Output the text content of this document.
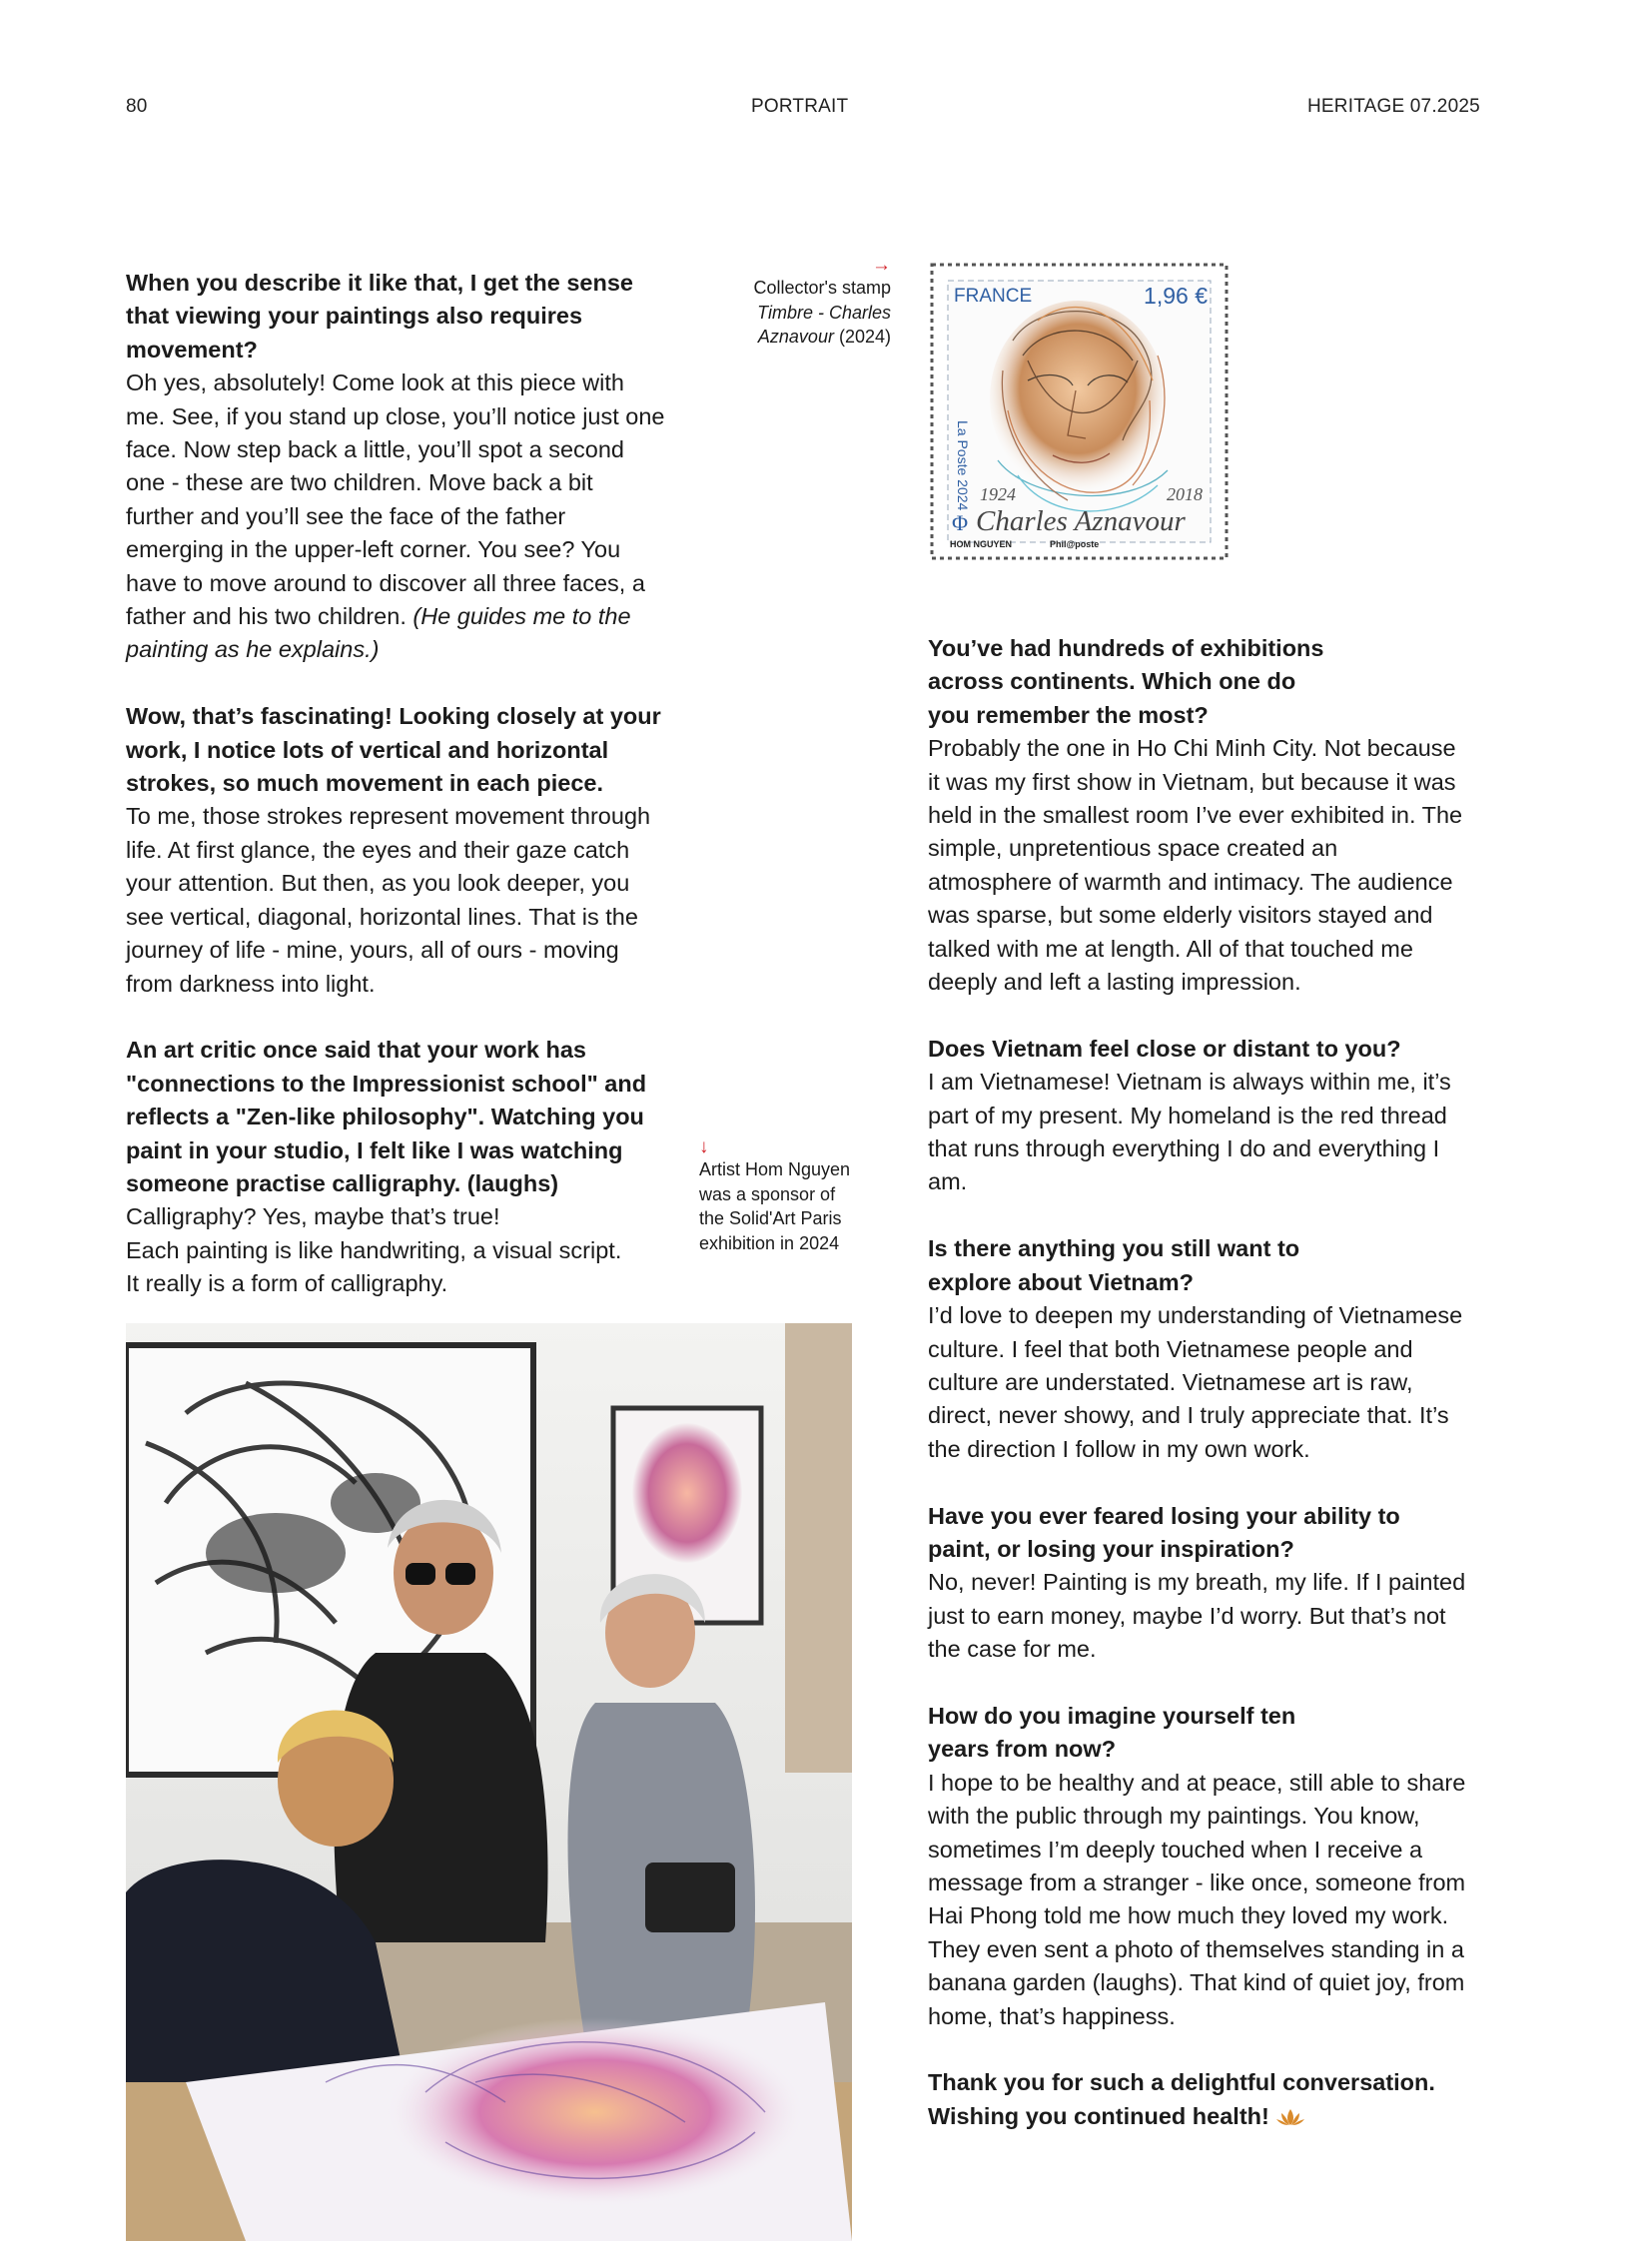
80	PORTRAIT	HERITAGE 07.2025

When you describe it like that, I get the sense that viewing your paintings also requires movement?
Oh yes, absolutely! Come look at this piece with me. See, if you stand up close, you’ll notice just one face. Now step back a little, you’ll spot a second one - these are two children. Move back a bit further and you’ll see the face of the father emerging in the upper-left corner. You see? You have to move around to discover all three faces, a father and his two children. (He guides me to the painting as he explains.)

Wow, that’s fascinating! Looking closely at your work, I notice lots of vertical and horizontal strokes, so much movement in each piece.
To me, those strokes represent movement through life. At first glance, the eyes and their gaze catch your attention. But then, as you look deeper, you see vertical, diagonal, horizontal lines. That is the journey of life - mine, yours, all of ours - moving from darkness into light.

An art critic once said that your work has "connections to the Impressionist school" and reflects a "Zen-like philosophy". Watching you paint in your studio, I felt like I was watching someone practise calligraphy. (laughs)
Calligraphy? Yes, maybe that’s true!
Each painting is like handwriting, a visual script.
It really is a form of calligraphy.

→
Collector's stamp
Timbre - Charles
Aznavour (2024)
FRANCE	1,96 €
La Poste 2024 1924	2018
Φ Charles Aznavour
HOM NGUYEN	Phil@poste
↓
Artist Hom Nguyen
was a sponsor of
the Solid'Art Paris
exhibition in 2024

You’ve had hundreds of exhibitions across continents. Which one do you remember the most?
Probably the one in Ho Chi Minh City. Not because it was my first show in Vietnam, but because it was held in the smallest room I’ve ever exhibited in. The simple, unpretentious space created an atmosphere of warmth and intimacy. The audience was sparse, but some elderly visitors stayed and talked with me at length. All of that touched me deeply and left a lasting impression.

Does Vietnam feel close or distant to you?
I am Vietnamese! Vietnam is always within me, it’s part of my present. My homeland is the red thread that runs through everything I do and everything I am.

Is there anything you still want to explore about Vietnam?
I’d love to deepen my understanding of Vietnamese culture. I feel that both Vietnamese people and culture are understated. Vietnamese art is raw, direct, never showy, and I truly appreciate that. It’s the direction I follow in my own work.

Have you ever feared losing your ability to paint, or losing your inspiration?
No, never! Painting is my breath, my life. If I painted just to earn money, maybe I’d worry. But that’s not the case for me.

How do you imagine yourself ten years from now?
I hope to be healthy and at peace, still able to share with the public through my paintings. You know, sometimes I’m deeply touched when I receive a message from a stranger - like once, someone from Hai Phong told me how much they loved my work. They even sent a photo of themselves standing in a banana garden (laughs). That kind of quiet joy, from home, that’s happiness.

Thank you for such a delightful conversation. Wishing you continued health!
